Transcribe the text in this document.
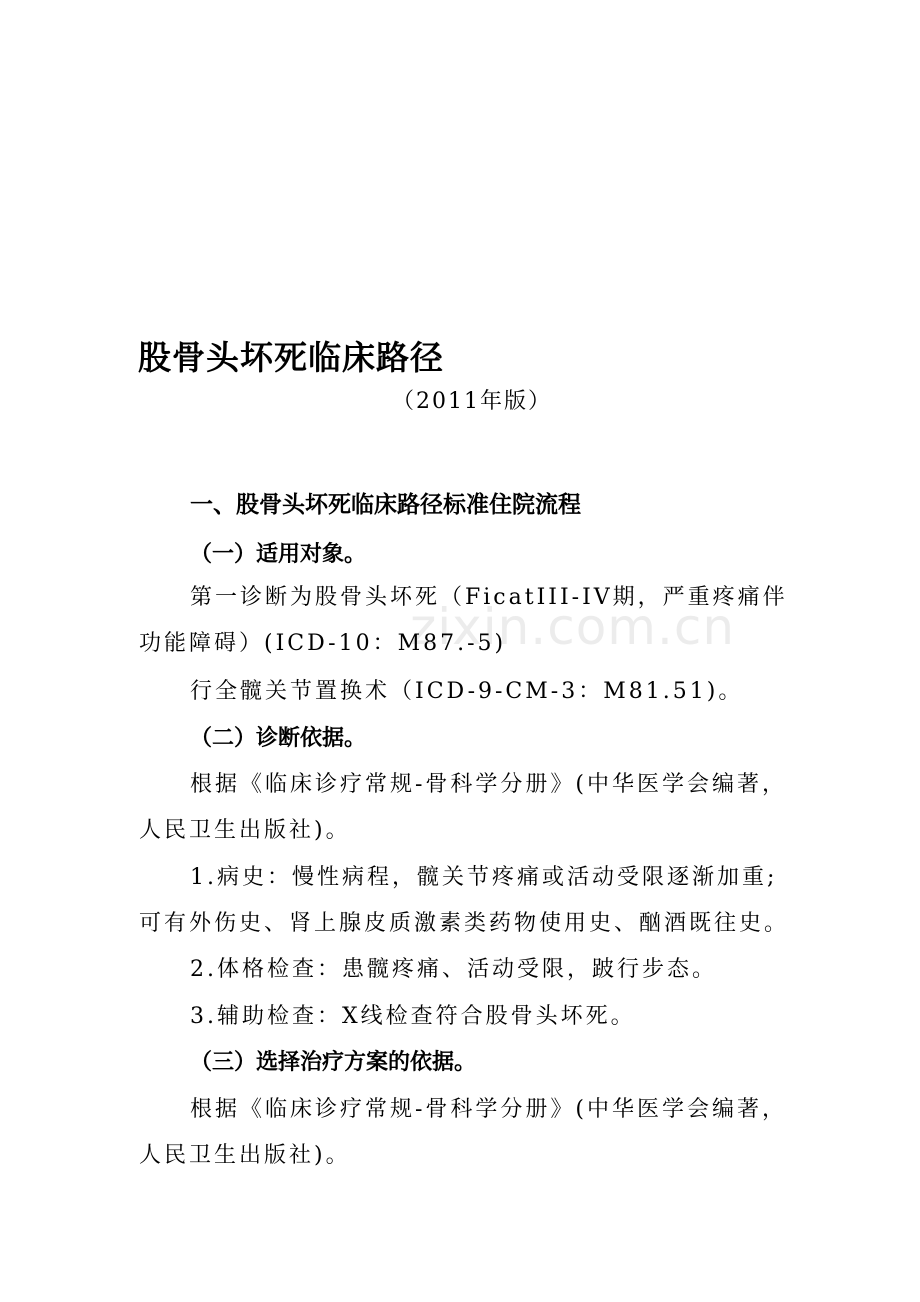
zixin.com.cn
股骨头坏死临床路径
（2011年版）
一、股骨头坏死临床路径标准住院流程
（一）适用对象。
第一诊断为股骨头坏死（FicatIII-IV期，严重疼痛伴
功能障碍）(ICD-10：M87.-5)
行全髋关节置换术（ICD-9-CM-3：M81.51)。
（二）诊断依据。
根据《临床诊疗常规-骨科学分册》(中华医学会编著，
人民卫生出版社)。
1.病史：慢性病程，髋关节疼痛或活动受限逐渐加重;
可有外伤史、肾上腺皮质激素类药物使用史、酗酒既往史。
2.体格检查：患髋疼痛、活动受限，跛行步态。
3.辅助检查：X线检查符合股骨头坏死。
（三）选择治疗方案的依据。
根据《临床诊疗常规-骨科学分册》(中华医学会编著，
人民卫生出版社)。
